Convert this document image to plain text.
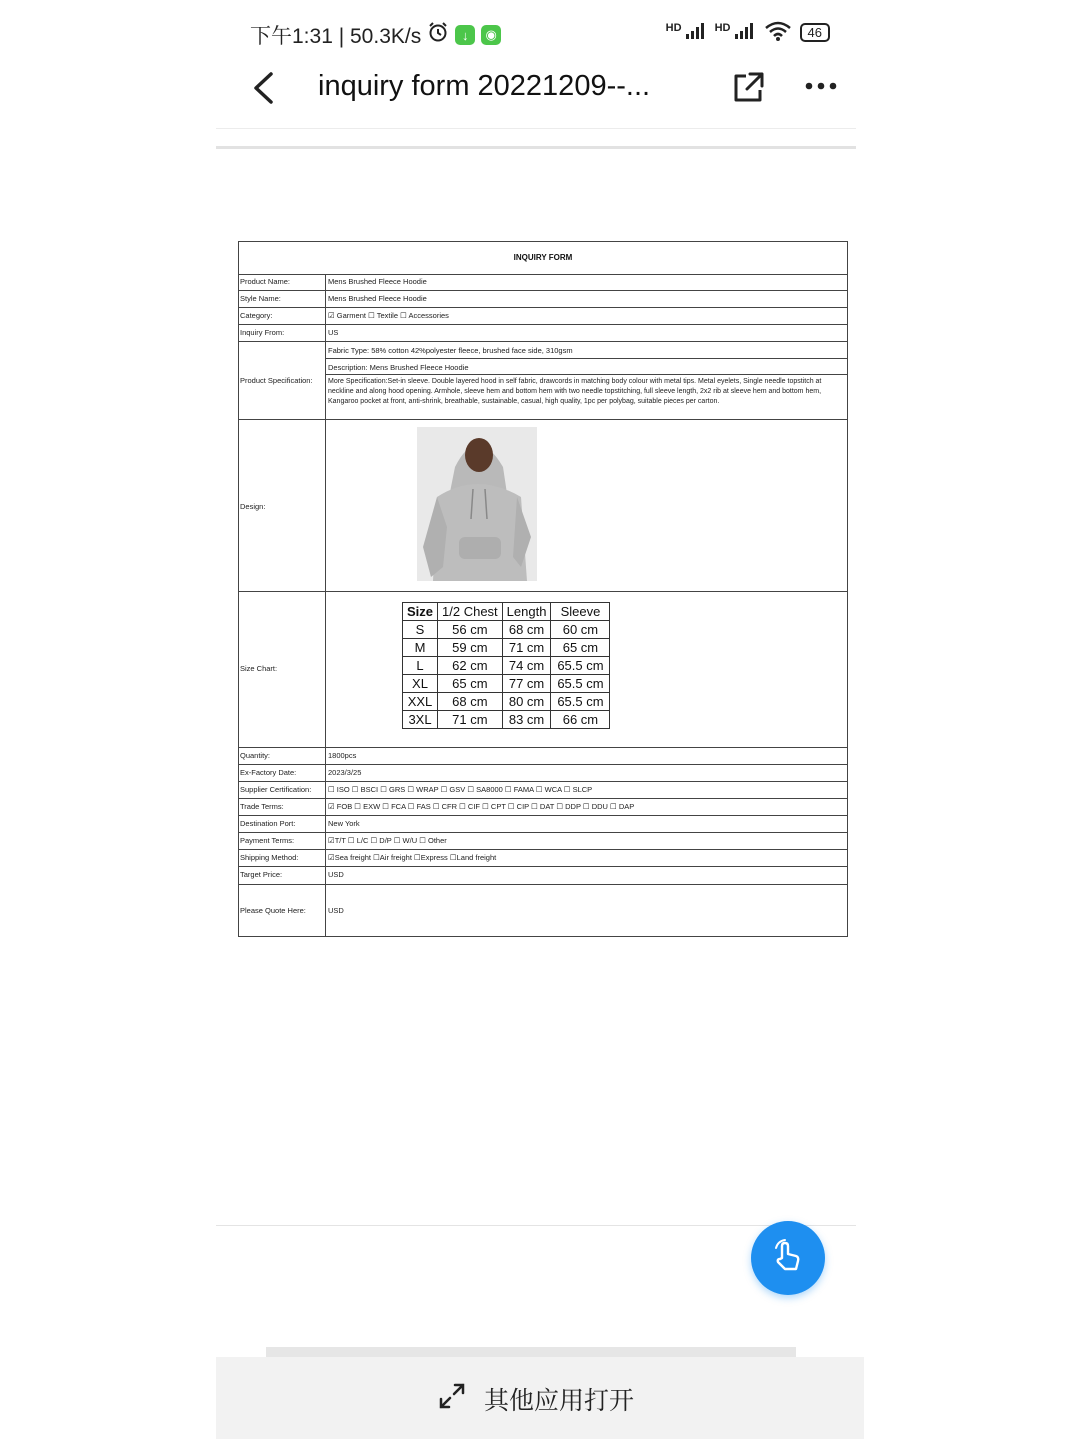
下午1:31 | 50.3K/s	↓	◉	HD	HD	46
inquiry form 20221209--...
INQUIRY FORM
Product Name:	Mens Brushed Fleece Hoodie
Style Name:	Mens Brushed Fleece Hoodie
Category:	☑ Garment ☐ Textile ☐ Accessories
Inquiry From:	US
Product Specification:
Fabric Type: 58% cotton 42%polyester fleece, brushed face side, 310gsm
Description: Mens Brushed Fleece Hoodie
More Specification:Set-in sleeve. Double layered hood in self fabric, drawcords in matching body colour with metal tips. Metal eyelets, Single needle topstitch at neckline and along hood opening. Armhole, sleeve hem and bottom hem with two needle topstitching, full sleeve length, 2x2 rib at sleeve hem and bottom hem, Kangaroo pocket at front, anti-shrink, breathable, sustainable, casual, high quality, 1pc per polybag, suitable pieces per carton.
Design:
Size Chart:
Size	1/2 Chest	Length	Sleeve
S	56 cm	68 cm	60 cm
M	59 cm	71 cm	65 cm
L	62 cm	74 cm	65.5 cm
XL	65 cm	77 cm	65.5 cm
XXL	68 cm	80 cm	65.5 cm
3XL	71 cm	83 cm	66 cm
Quantity:	1800pcs
Ex-Factory Date:	2023/3/25
Supplier Certification: ☐ ISO ☐ BSCI ☐ GRS ☐ WRAP ☐ GSV ☐ SA8000 ☐ FAMA ☐ WCA ☐ SLCP
Trade Terms:	☑ FOB ☐ EXW ☐ FCA ☐ FAS ☐ CFR ☐ CIF ☐ CPT ☐ CIP ☐ DAT ☐ DDP ☐ DDU ☐ DAP
Destination Port:	New York
Payment Terms:	☑T/T ☐ L/C ☐ D/P ☐ W/U ☐ Other
Shipping Method:	☑Sea freight ☐Air freight ☐Express ☐Land freight
Target Price:	USD
Please Quote Here:	USD
其他应用打开
